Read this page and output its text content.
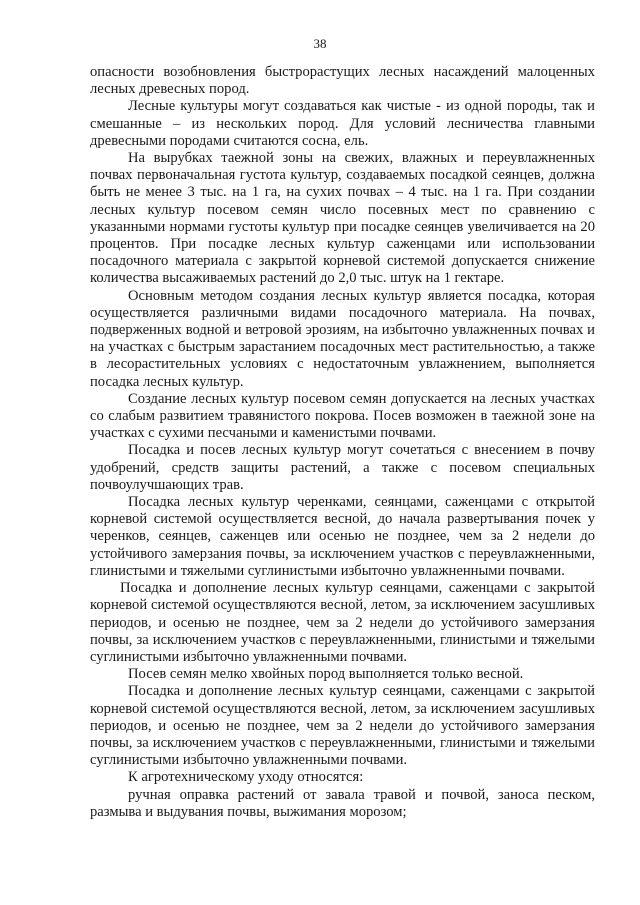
38

опасности возобновления быстрорастущих лесных насаждений малоценных лесных древесных пород.

Лесные культуры могут создаваться как чистые - из одной породы, так и смешанные – из нескольких пород. Для условий лесничества главными древесными породами считаются сосна, ель.

На вырубках таежной зоны на свежих, влажных и переувлажненных почвах первоначальная густота культур, создаваемых посадкой сеянцев, должна быть не менее 3 тыс. на 1 га, на сухих почвах – 4 тыс. на 1 га. При создании лесных культур посевом семян число посевных мест по сравнению с указанными нормами густоты культур при посадке сеянцев увеличивается на 20 процентов. При посадке лесных культур саженцами или использовании посадочного материала с закрытой корневой системой допускается снижение количества высаживаемых растений до 2,0 тыс. штук на 1 гектаре.

Основным методом создания лесных культур является посадка, которая осуществляется различными видами посадочного материала. На почвах, подверженных водной и ветровой эрозиям, на избыточно увлажненных почвах и на участках с быстрым зарастанием посадочных мест растительностью, а также в лесорастительных условиях с недостаточным увлажнением, выполняется посадка лесных культур.

Создание лесных культур посевом семян допускается на лесных участках со слабым развитием травянистого покрова. Посев возможен в таежной зоне на участках с сухими песчаными и каменистыми почвами.

Посадка и посев лесных культур могут сочетаться с внесением в почву удобрений, средств защиты растений, а также с посевом специальных почвоулучшающих трав.

Посадка лесных культур черенками, сеянцами, саженцами с открытой корневой системой осуществляется весной, до начала развертывания почек у черенков, сеянцев, саженцев или осенью не позднее, чем за 2 недели до устойчивого замерзания почвы, за исключением участков с переувлажненными, глинистыми и тяжелыми суглинистыми избыточно увлажненными почвами.

Посадка и дополнение лесных культур сеянцами, саженцами с закрытой корневой системой осуществляются весной, летом, за исключением засушливых периодов, и осенью не позднее, чем за 2 недели до устойчивого замерзания почвы, за исключением участков с переувлажненными, глинистыми и тяжелыми суглинистыми избыточно увлажненными почвами.

Посев семян мелко хвойных пород выполняется только весной.

Посадка и дополнение лесных культур сеянцами, саженцами с закрытой корневой системой осуществляются весной, летом, за исключением засушливых периодов, и осенью не позднее, чем за 2 недели до устойчивого замерзания почвы, за исключением участков с переувлажненными, глинистыми и тяжелыми суглинистыми избыточно увлажненными почвами.

К агротехническому уходу относятся:

ручная оправка растений от завала травой и почвой, заноса песком, размыва и выдувания почвы, выжимания морозом;
